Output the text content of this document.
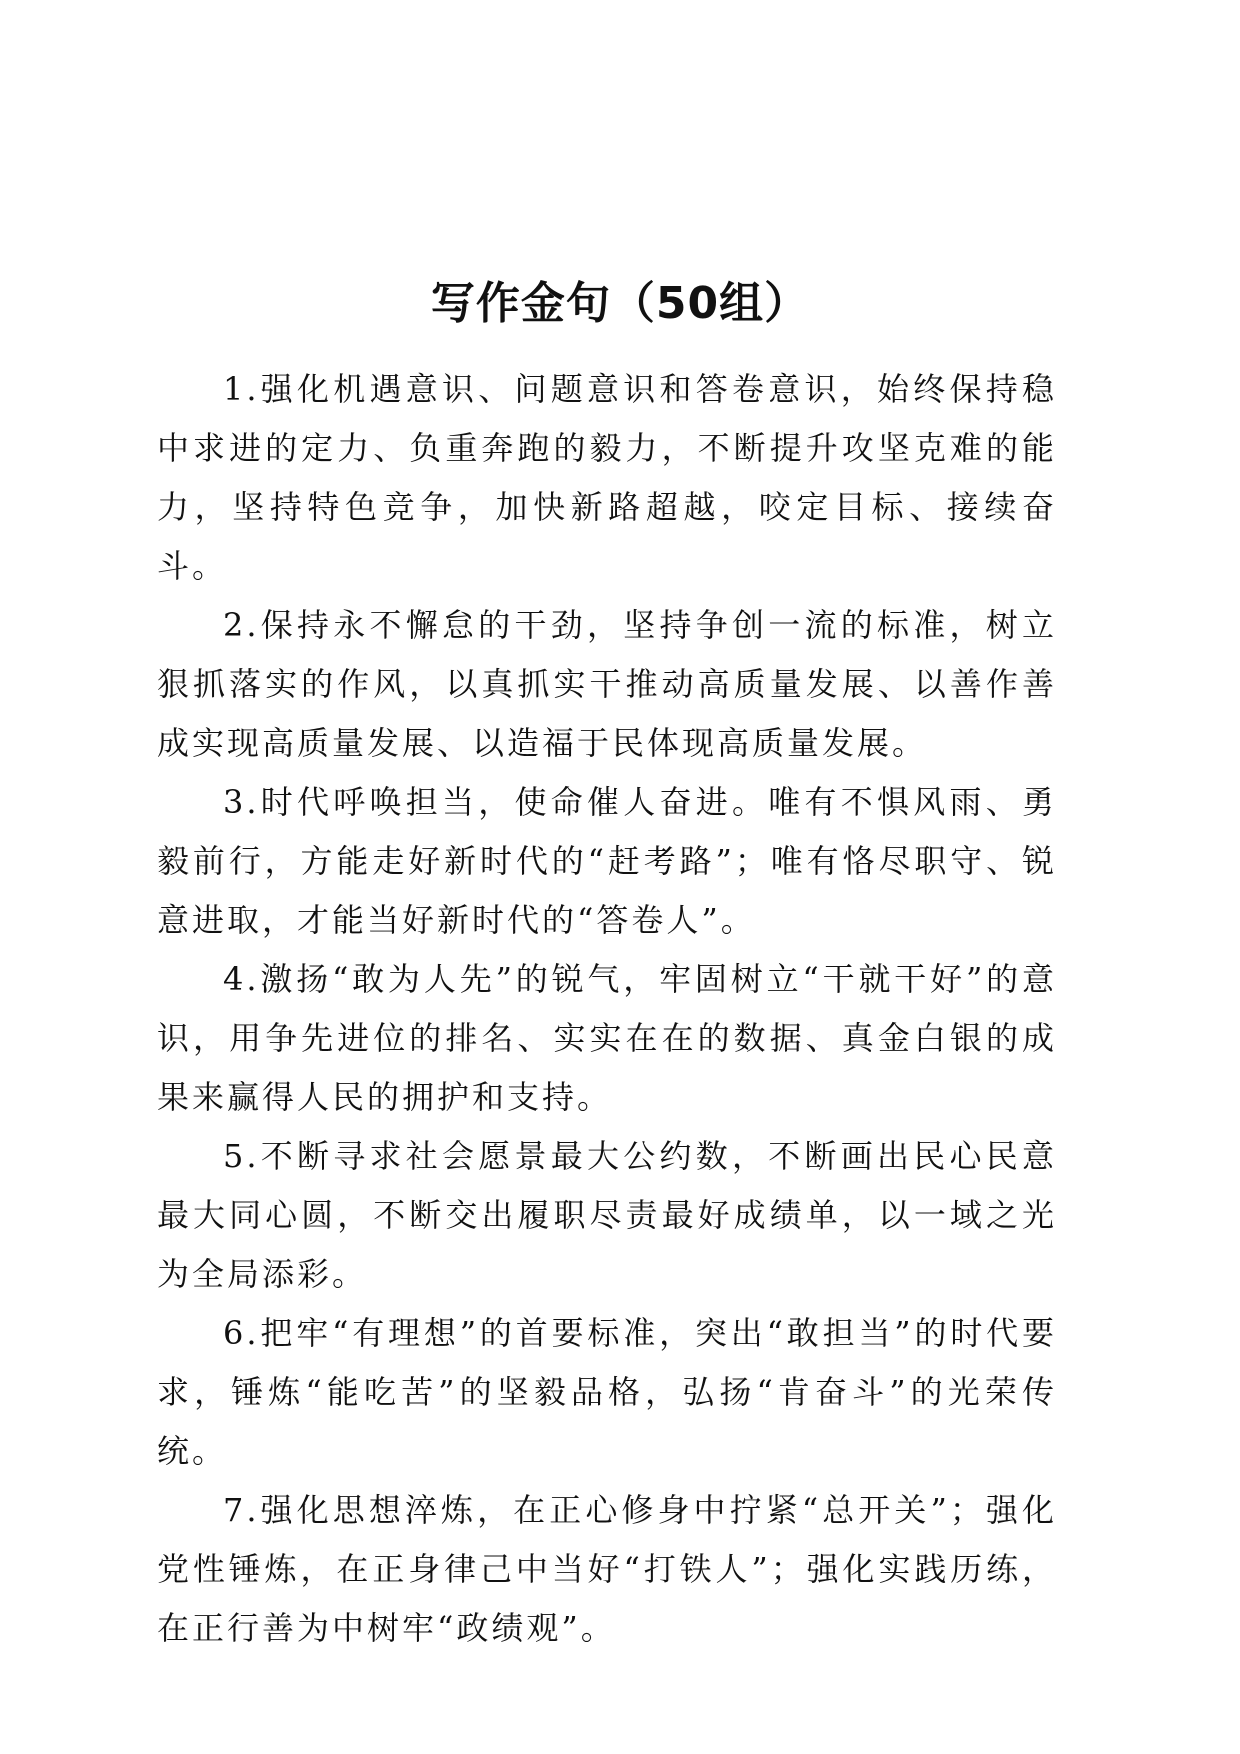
写作金句（50组）

1.强化机遇意识、问题意识和答卷意识，始终保持稳中求进的定力、负重奔跑的毅力，不断提升攻坚克难的能力，坚持特色竞争，加快新路超越，咬定目标、接续奋斗。

2.保持永不懈怠的干劲，坚持争创一流的标准，树立狠抓落实的作风，以真抓实干推动高质量发展、以善作善成实现高质量发展、以造福于民体现高质量发展。

3.时代呼唤担当，使命催人奋进。唯有不惧风雨、勇毅前行，方能走好新时代的“赶考路”；唯有恪尽职守、锐意进取，才能当好新时代的“答卷人”。

4.激扬“敢为人先”的锐气，牢固树立“干就干好”的意识，用争先进位的排名、实实在在的数据、真金白银的成果来赢得人民的拥护和支持。

5.不断寻求社会愿景最大公约数，不断画出民心民意最大同心圆，不断交出履职尽责最好成绩单，以一域之光为全局添彩。

6.把牢“有理想”的首要标准，突出“敢担当”的时代要求，锤炼“能吃苦”的坚毅品格，弘扬“肯奋斗”的光荣传统。

7.强化思想淬炼，在正心修身中拧紧“总开关”；强化党性锤炼，在正身律己中当好“打铁人”；强化实践历练，在正行善为中树牢“政绩观”。
